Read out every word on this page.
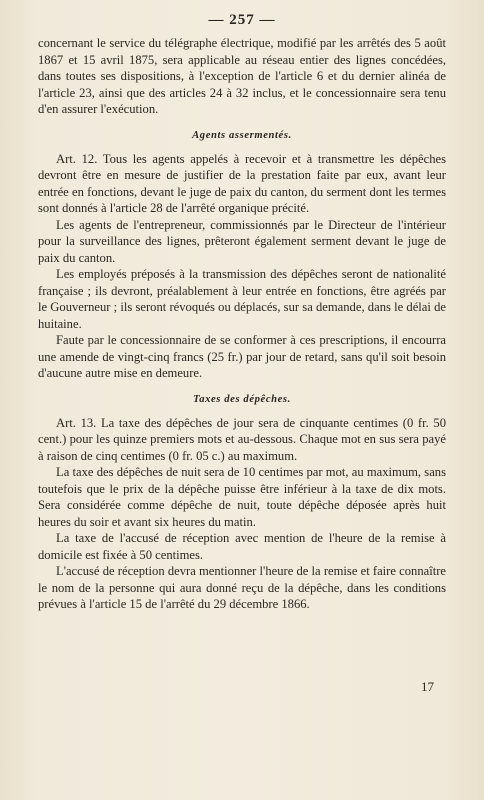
— 257 —

concernant le service du télégraphe électrique, modifié par les arrêtés des 5 août 1867 et 15 avril 1875, sera applicable au réseau entier des lignes concédées, dans toutes ses dispositions, à l'exception de l'article 6 et du dernier alinéa de l'article 23, ainsi que des articles 24 à 32 inclus, et le concessionnaire sera tenu d'en assurer l'exécution.

Agents assermentés.

Art. 12. Tous les agents appelés à recevoir et à transmettre les dépêches devront être en mesure de justifier de la prestation faite par eux, avant leur entrée en fonctions, devant le juge de paix du canton, du serment dont les termes sont donnés à l'article 28 de l'arrêté organique précité.

Les agents de l'entrepreneur, commissionnés par le Directeur de l'intérieur pour la surveillance des lignes, prêteront également serment devant le juge de paix du canton.

Les employés préposés à la transmission des dépêches seront de nationalité française ; ils devront, préalablement à leur entrée en fonctions, être agréés par le Gouverneur ; ils seront révoqués ou déplacés, sur sa demande, dans le délai de huitaine.

Faute par le concessionnaire de se conformer à ces prescriptions, il encourra une amende de vingt-cinq francs (25 fr.) par jour de retard, sans qu'il soit besoin d'aucune autre mise en demeure.

Taxes des dépêches.

Art. 13. La taxe des dépêches de jour sera de cinquante centimes (0 fr. 50 cent.) pour les quinze premiers mots et au-dessous. Chaque mot en sus sera payé à raison de cinq centimes (0 fr. 05 c.) au maximum.

La taxe des dépêches de nuit sera de 10 centimes par mot, au maximum, sans toutefois que le prix de la dépêche puisse être inférieur à la taxe de dix mots. Sera considérée comme dépêche de nuit, toute dépêche déposée après huit heures du soir et avant six heures du matin.

La taxe de l'accusé de réception avec mention de l'heure de la remise à domicile est fixée à 50 centimes.

L'accusé de réception devra mentionner l'heure de la remise et faire connaître le nom de la personne qui aura donné reçu de la dépêche, dans les conditions prévues à l'article 15 de l'arrêté du 29 décembre 1866.

17
